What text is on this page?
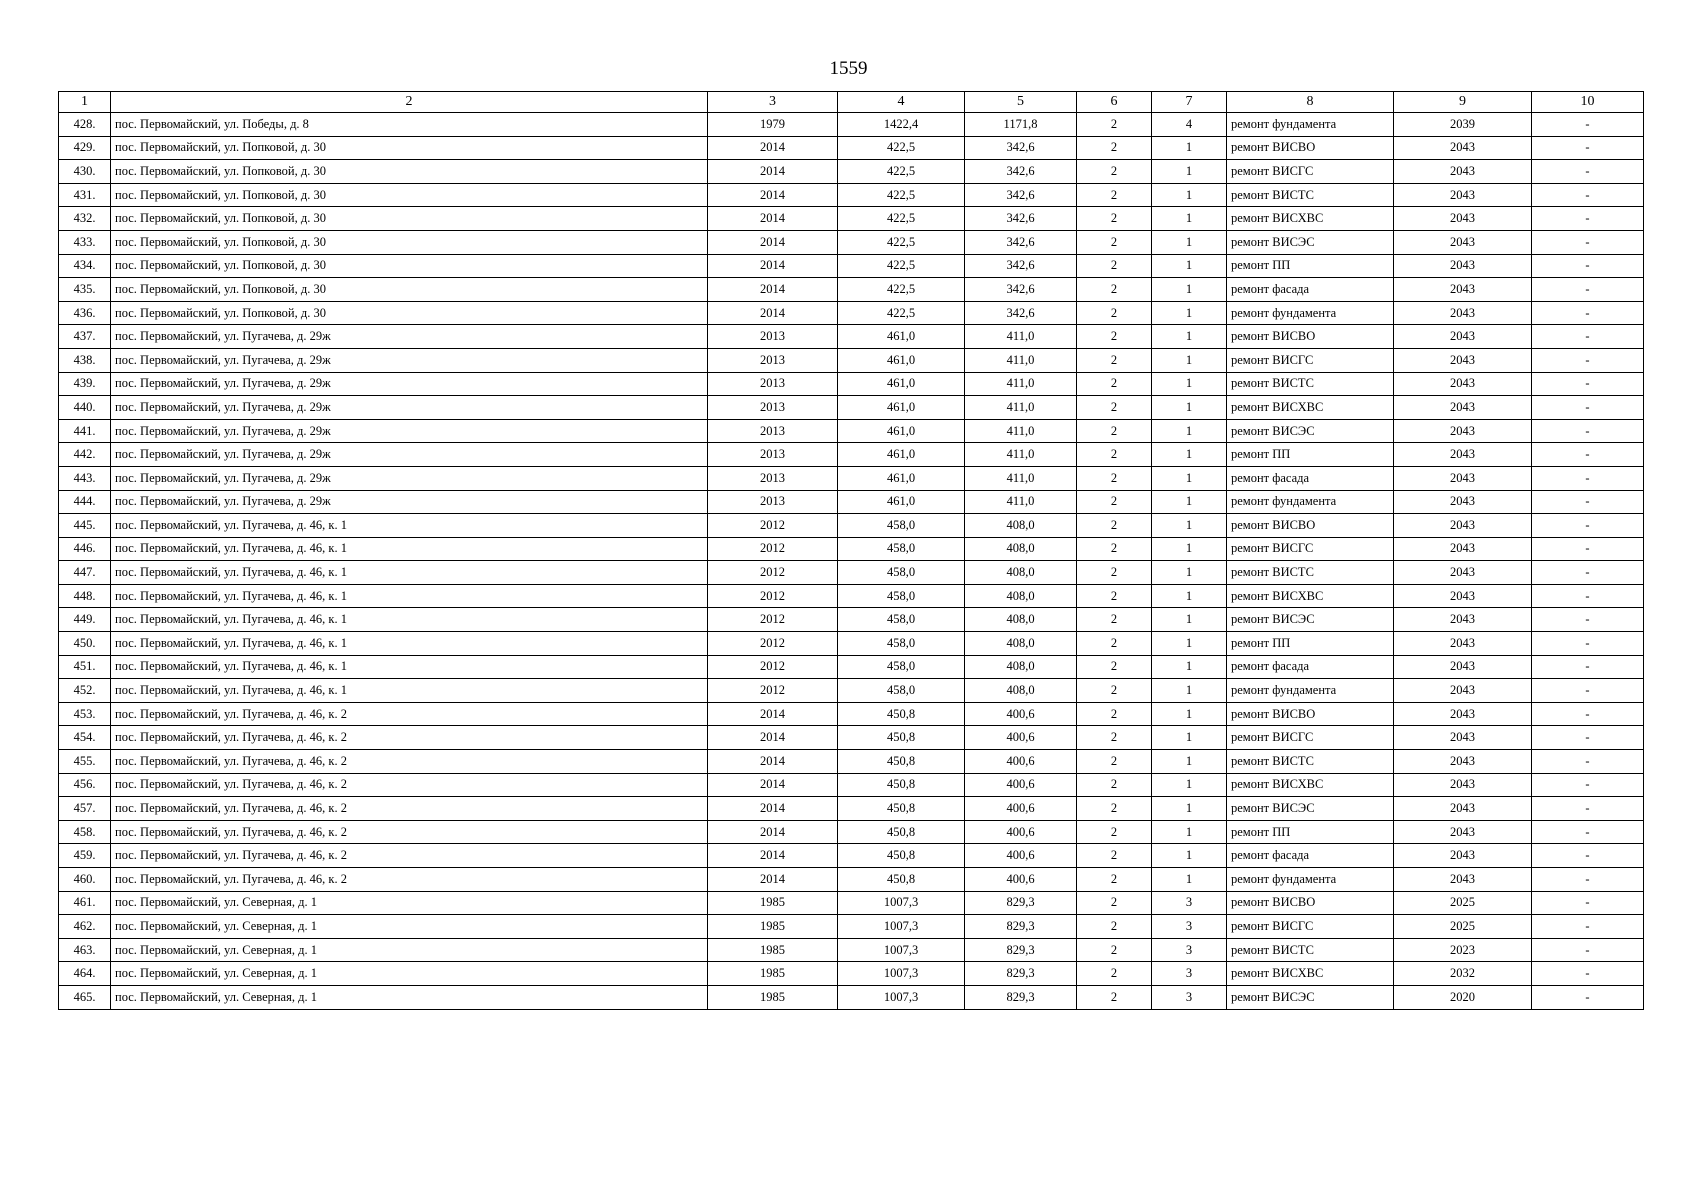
1559
1	2	3	4	5	6	7	8	9	10
428.	пос. Первомайский, ул. Победы, д. 8	1979	1422,4	1171,8	2	4	ремонт фундамента	2039	-
429.	пос. Первомайский, ул. Попковой, д. 30	2014	422,5	342,6	2	1	ремонт ВИСВО	2043	-
430.	пос. Первомайский, ул. Попковой, д. 30	2014	422,5	342,6	2	1	ремонт ВИСГС	2043	-
431.	пос. Первомайский, ул. Попковой, д. 30	2014	422,5	342,6	2	1	ремонт ВИСТС	2043	-
432.	пос. Первомайский, ул. Попковой, д. 30	2014	422,5	342,6	2	1	ремонт ВИСХВС	2043	-
433.	пос. Первомайский, ул. Попковой, д. 30	2014	422,5	342,6	2	1	ремонт ВИСЭС	2043	-
434.	пос. Первомайский, ул. Попковой, д. 30	2014	422,5	342,6	2	1	ремонт ПП	2043	-
435.	пос. Первомайский, ул. Попковой, д. 30	2014	422,5	342,6	2	1	ремонт фасада	2043	-
436.	пос. Первомайский, ул. Попковой, д. 30	2014	422,5	342,6	2	1	ремонт фундамента	2043	-
437.	пос. Первомайский, ул. Пугачева, д. 29ж	2013	461,0	411,0	2	1	ремонт ВИСВО	2043	-
438.	пос. Первомайский, ул. Пугачева, д. 29ж	2013	461,0	411,0	2	1	ремонт ВИСГС	2043	-
439.	пос. Первомайский, ул. Пугачева, д. 29ж	2013	461,0	411,0	2	1	ремонт ВИСТС	2043	-
440.	пос. Первомайский, ул. Пугачева, д. 29ж	2013	461,0	411,0	2	1	ремонт ВИСХВС	2043	-
441.	пос. Первомайский, ул. Пугачева, д. 29ж	2013	461,0	411,0	2	1	ремонт ВИСЭС	2043	-
442.	пос. Первомайский, ул. Пугачева, д. 29ж	2013	461,0	411,0	2	1	ремонт ПП	2043	-
443.	пос. Первомайский, ул. Пугачева, д. 29ж	2013	461,0	411,0	2	1	ремонт фасада	2043	-
444.	пос. Первомайский, ул. Пугачева, д. 29ж	2013	461,0	411,0	2	1	ремонт фундамента	2043	-
445.	пос. Первомайский, ул. Пугачева, д. 46, к. 1	2012	458,0	408,0	2	1	ремонт ВИСВО	2043	-
446.	пос. Первомайский, ул. Пугачева, д. 46, к. 1	2012	458,0	408,0	2	1	ремонт ВИСГС	2043	-
447.	пос. Первомайский, ул. Пугачева, д. 46, к. 1	2012	458,0	408,0	2	1	ремонт ВИСТС	2043	-
448.	пос. Первомайский, ул. Пугачева, д. 46, к. 1	2012	458,0	408,0	2	1	ремонт ВИСХВС	2043	-
449.	пос. Первомайский, ул. Пугачева, д. 46, к. 1	2012	458,0	408,0	2	1	ремонт ВИСЭС	2043	-
450.	пос. Первомайский, ул. Пугачева, д. 46, к. 1	2012	458,0	408,0	2	1	ремонт ПП	2043	-
451.	пос. Первомайский, ул. Пугачева, д. 46, к. 1	2012	458,0	408,0	2	1	ремонт фасада	2043	-
452.	пос. Первомайский, ул. Пугачева, д. 46, к. 1	2012	458,0	408,0	2	1	ремонт фундамента	2043	-
453.	пос. Первомайский, ул. Пугачева, д. 46, к. 2	2014	450,8	400,6	2	1	ремонт ВИСВО	2043	-
454.	пос. Первомайский, ул. Пугачева, д. 46, к. 2	2014	450,8	400,6	2	1	ремонт ВИСГС	2043	-
455.	пос. Первомайский, ул. Пугачева, д. 46, к. 2	2014	450,8	400,6	2	1	ремонт ВИСТС	2043	-
456.	пос. Первомайский, ул. Пугачева, д. 46, к. 2	2014	450,8	400,6	2	1	ремонт ВИСХВС	2043	-
457.	пос. Первомайский, ул. Пугачева, д. 46, к. 2	2014	450,8	400,6	2	1	ремонт ВИСЭС	2043	-
458.	пос. Первомайский, ул. Пугачева, д. 46, к. 2	2014	450,8	400,6	2	1	ремонт ПП	2043	-
459.	пос. Первомайский, ул. Пугачева, д. 46, к. 2	2014	450,8	400,6	2	1	ремонт фасада	2043	-
460.	пос. Первомайский, ул. Пугачева, д. 46, к. 2	2014	450,8	400,6	2	1	ремонт фундамента	2043	-
461.	пос. Первомайский, ул. Северная, д. 1	1985	1007,3	829,3	2	3	ремонт ВИСВО	2025	-
462.	пос. Первомайский, ул. Северная, д. 1	1985	1007,3	829,3	2	3	ремонт ВИСГС	2025	-
463.	пос. Первомайский, ул. Северная, д. 1	1985	1007,3	829,3	2	3	ремонт ВИСТС	2023	-
464.	пос. Первомайский, ул. Северная, д. 1	1985	1007,3	829,3	2	3	ремонт ВИСХВС	2032	-
465.	пос. Первомайский, ул. Северная, д. 1	1985	1007,3	829,3	2	3	ремонт ВИСЭС	2020	-
